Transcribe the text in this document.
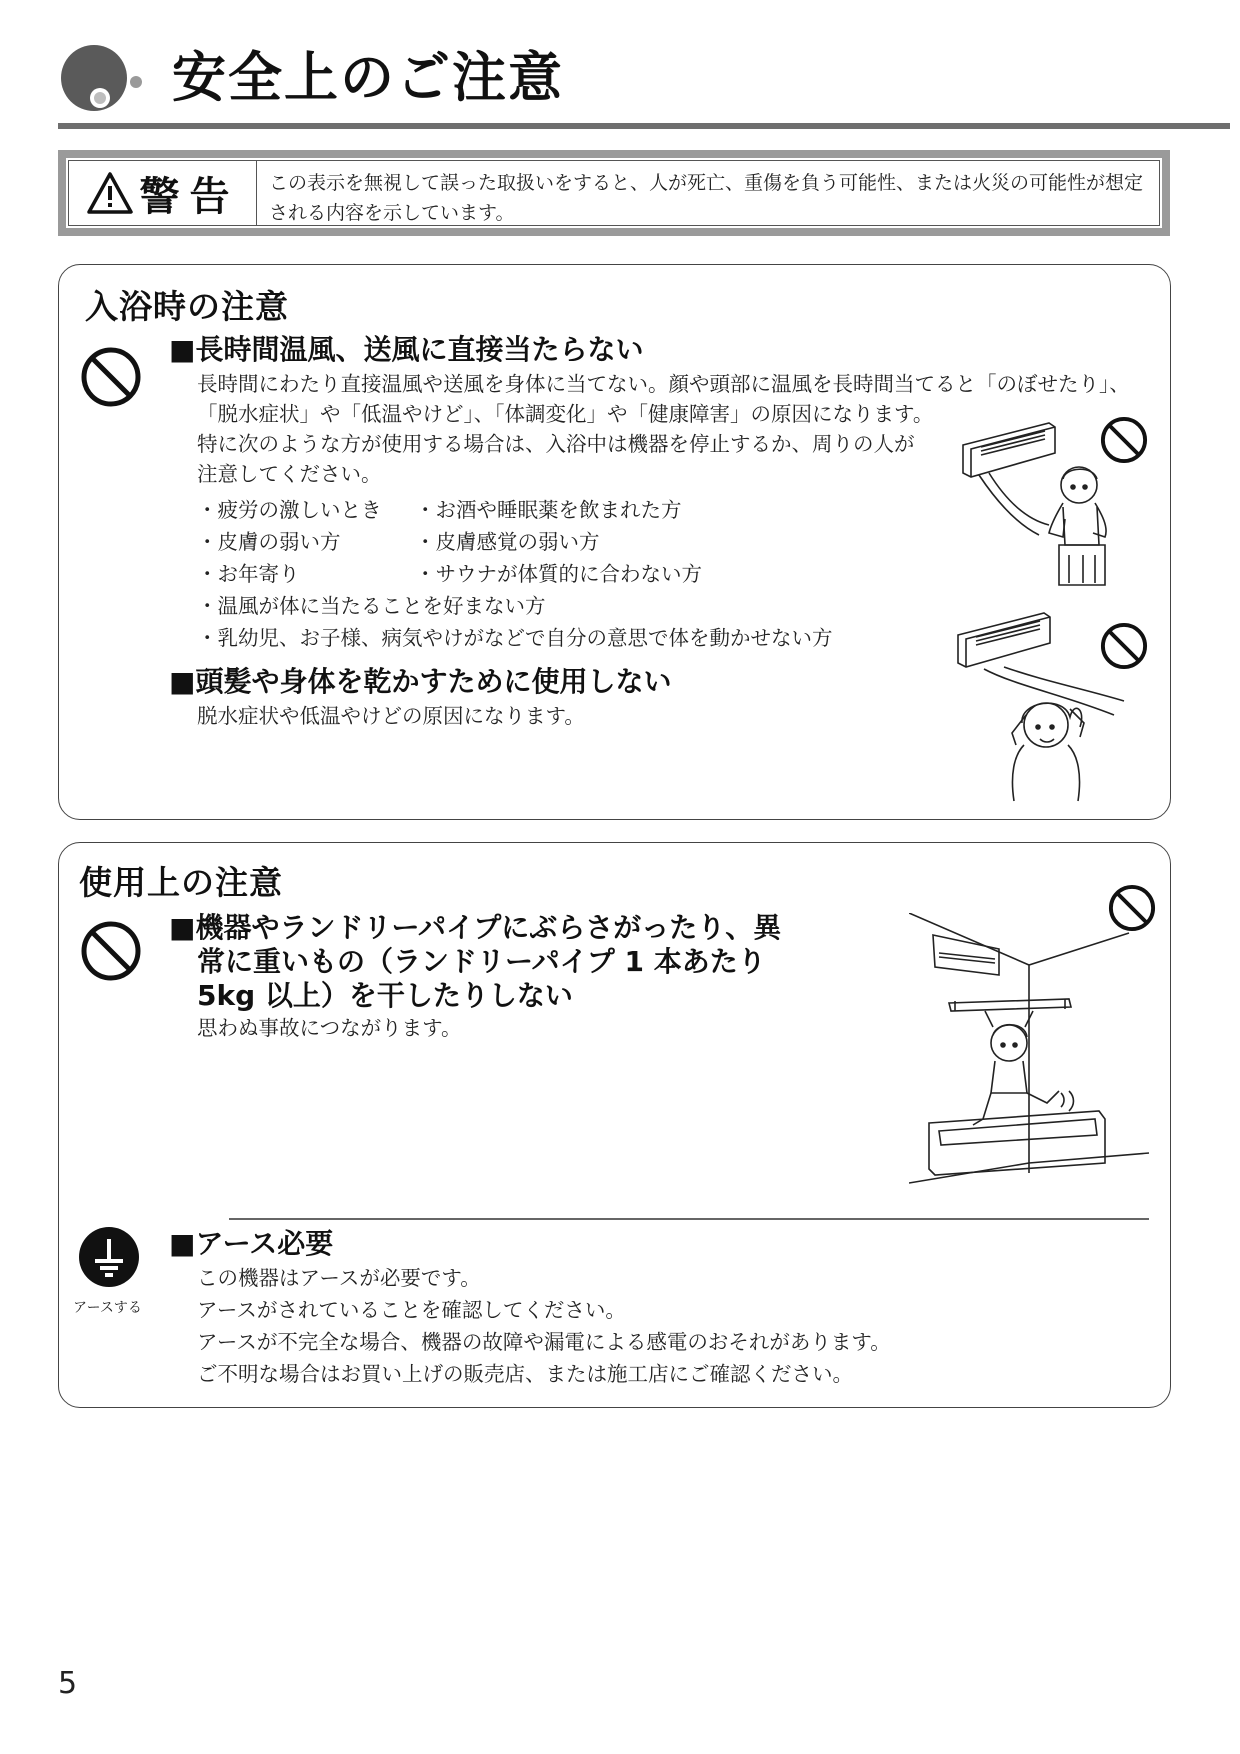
安全上のご注意
警告	この表示を無視して誤った取扱いをすると、人が死亡、重傷を負う可能性、または火災の可能性が想定される内容を示しています。
入浴時の注意
■長時間温風、送風に直接当たらない
長時間にわたり直接温風や送風を身体に当てない。顔や頭部に温風を長時間当てると「のぼせたり」、「脱水症状」や「低温やけど」、「体調変化」や「健康障害」の原因になります。
特に次のような方が使用する場合は、入浴中は機器を停止するか、周りの人が注意してください。
・疲労の激しいとき ・お酒や睡眠薬を飲まれた方
・皮膚の弱い方	・皮膚感覚の弱い方
・お年寄り	・サウナが体質的に合わない方
・温風が体に当たることを好まない方
・乳幼児、お子様、病気やけがなどで自分の意思で体を動かせない方
■頭髪や身体を乾かすために使用しない
脱水症状や低温やけどの原因になります。
使用上の注意
■機器やランドリーパイプにぶらさがったり、異常に重いもの（ランドリーパイプ 1 本あたり 5kg 以上）を干したりしない
思わぬ事故につながります。
アースする
■アース必要
この機器はアースが必要です。
アースがされていることを確認してください。
アースが不完全な場合、機器の故障や漏電による感電のおそれがあります。
ご不明な場合はお買い上げの販売店、または施工店にご確認ください。
5
